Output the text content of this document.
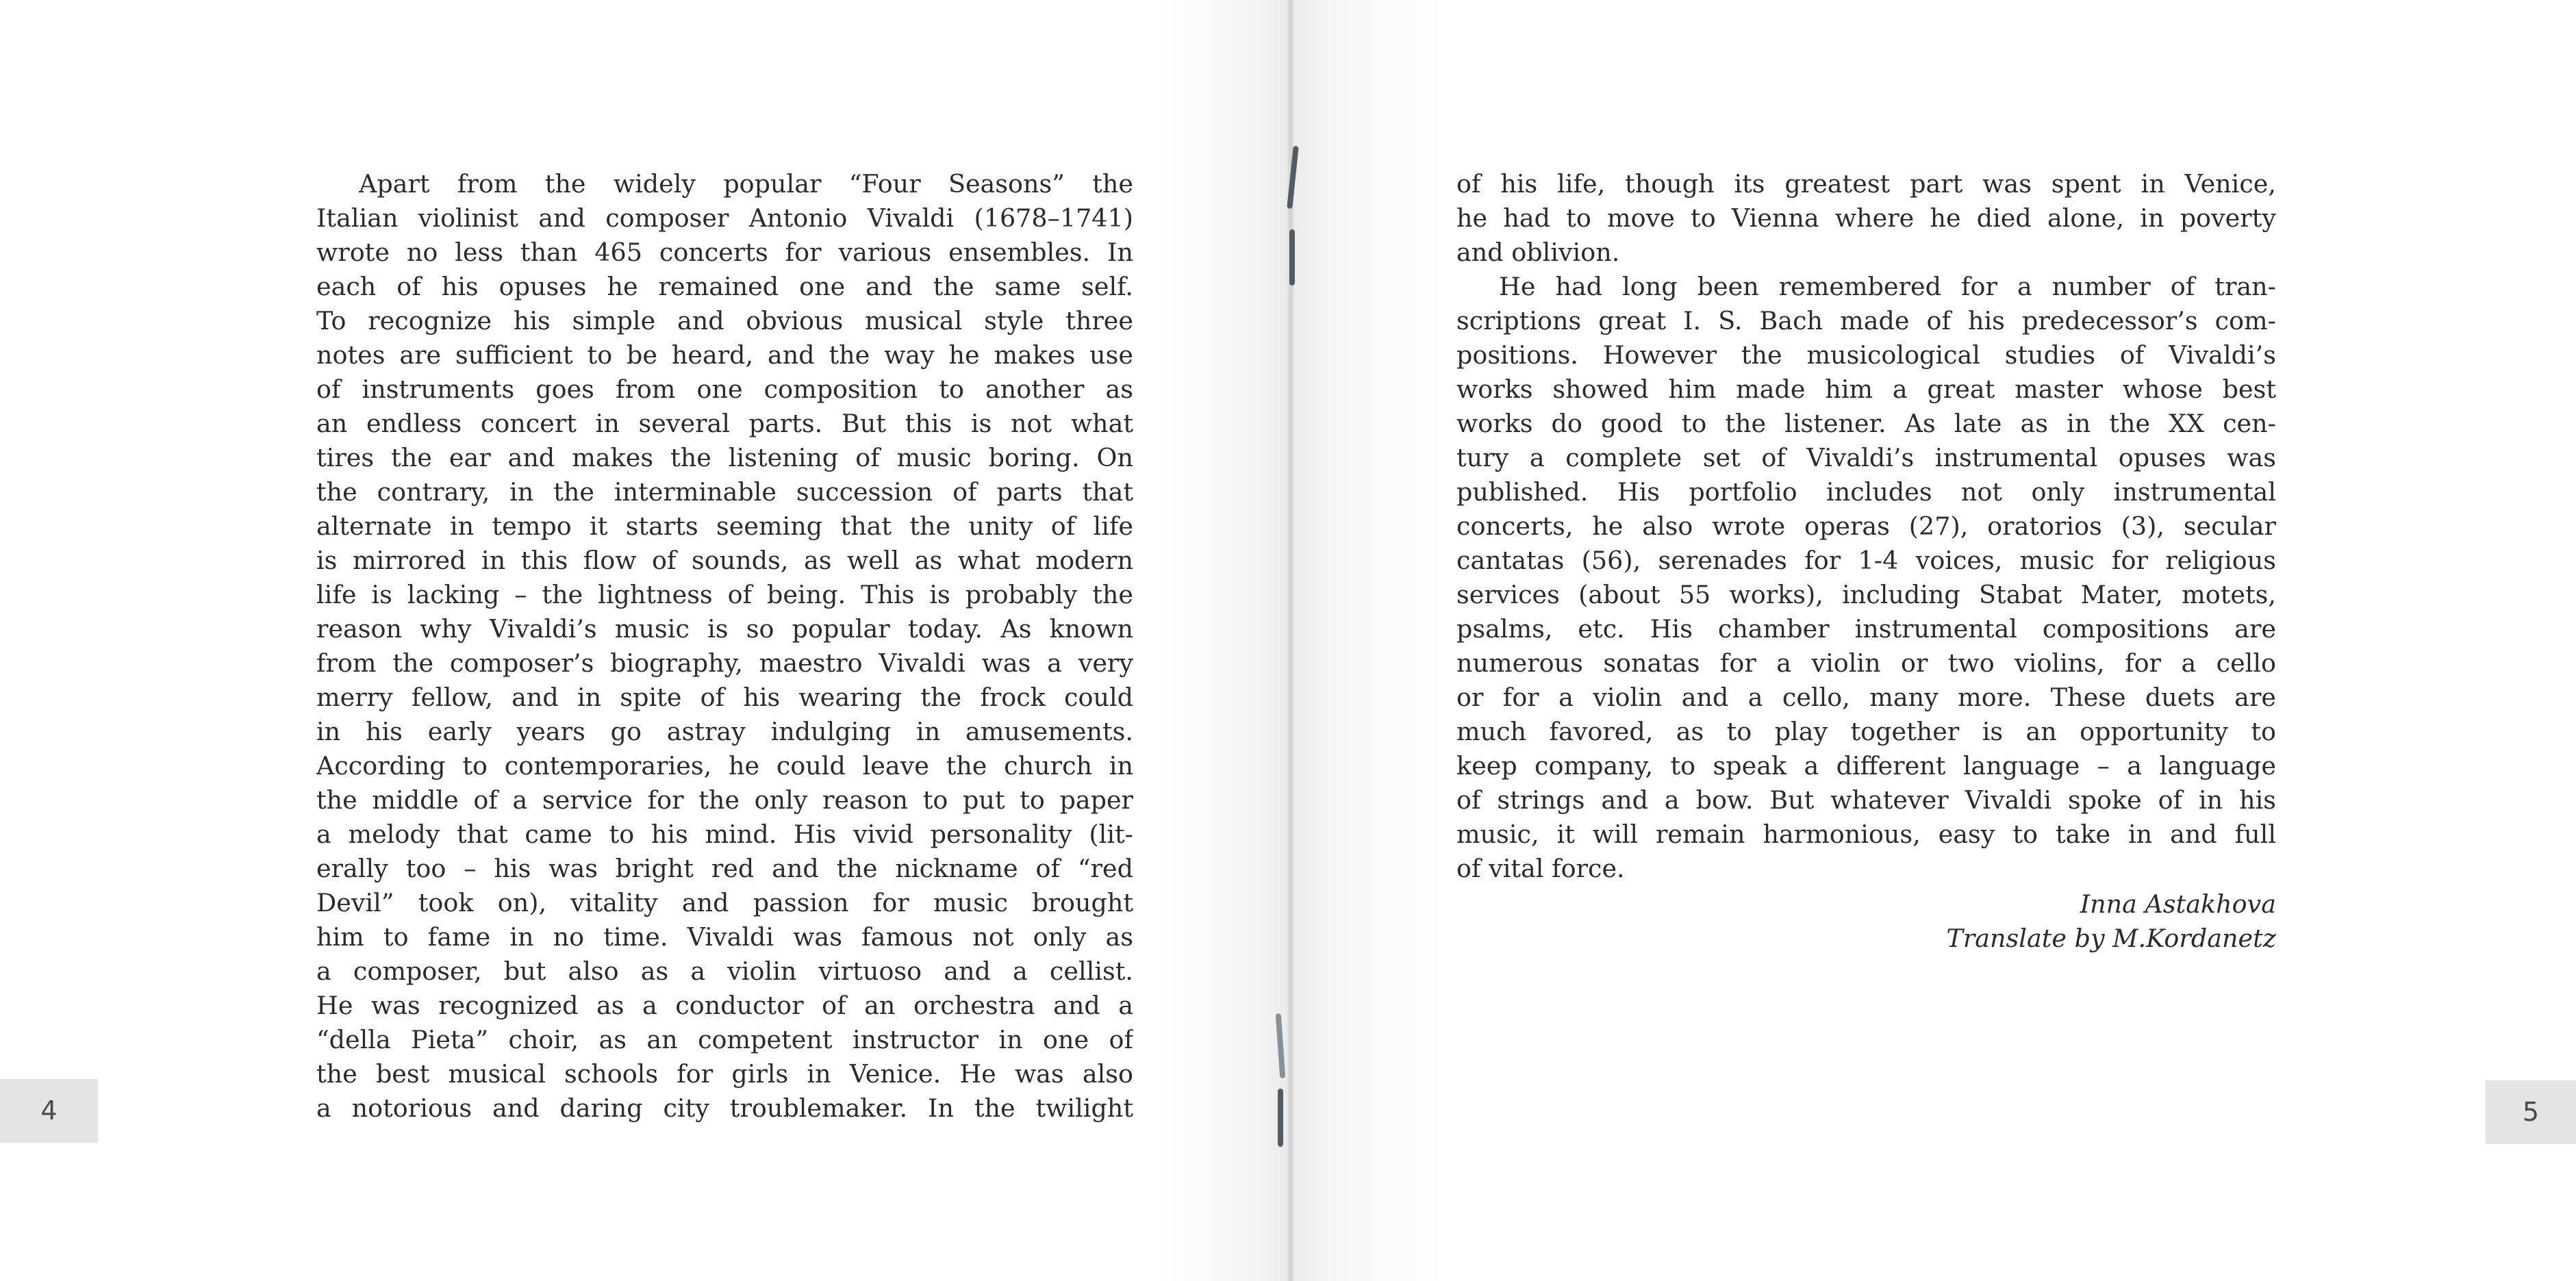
Apart from the widely popular “Four Seasons” the
Italian violinist and composer Antonio Vivaldi (1678–1741)
wrote no less than 465 concerts for various ensembles. In
each of his opuses he remained one and the same self.
To recognize his simple and obvious musical style three
notes are sufficient to be heard, and the way he makes use
of instruments goes from one composition to another as
an endless concert in several parts. But this is not what
tires the ear and makes the listening of music boring. On
the contrary, in the interminable succession of parts that
alternate in tempo it starts seeming that the unity of life
is mirrored in this flow of sounds, as well as what modern
life is lacking – the lightness of being. This is probably the
reason why Vivaldi’s music is so popular today. As known
from the composer’s biography, maestro Vivaldi was a very
merry fellow, and in spite of his wearing the frock could
in his early years go astray indulging in amusements.
According to contemporaries, he could leave the church in
the middle of a service for the only reason to put to paper
a melody that came to his mind. His vivid personality (lit-
erally too – his was bright red and the nickname of “red
Devil” took on), vitality and passion for music brought
him to fame in no time. Vivaldi was famous not only as
a composer, but also as a violin virtuoso and a cellist.
He was recognized as a conductor of an orchestra and a
“della Pieta” choir, as an competent instructor in one of
the best musical schools for girls in Venice. He was also
a notorious and daring city troublemaker. In the twilight
of his life, though its greatest part was spent in Venice,
he had to move to Vienna where he died alone, in poverty
and oblivion.
He had long been remembered for a number of tran-
scriptions great I. S. Bach made of his predecessor’s com-
positions. However the musicological studies of Vivaldi’s
works showed him made him a great master whose best
works do good to the listener. As late as in the XX cen-
tury a complete set of Vivaldi’s instrumental opuses was
published. His portfolio includes not only instrumental
concerts, he also wrote operas (27), oratorios (3), secular
cantatas (56), serenades for 1-4 voices, music for religious
services (about 55 works), including Stabat Mater, motets,
psalms, etc. His chamber instrumental compositions are
numerous sonatas for a violin or two violins, for a cello
or for a violin and a cello, many more. These duets are
much favored, as to play together is an opportunity to
keep company, to speak a different language – a language
of strings and a bow. But whatever Vivaldi spoke of in his
music, it will remain harmonious, easy to take in and full
of vital force.
Inna Astakhova
Translate by M.Kordanetz
4	5
